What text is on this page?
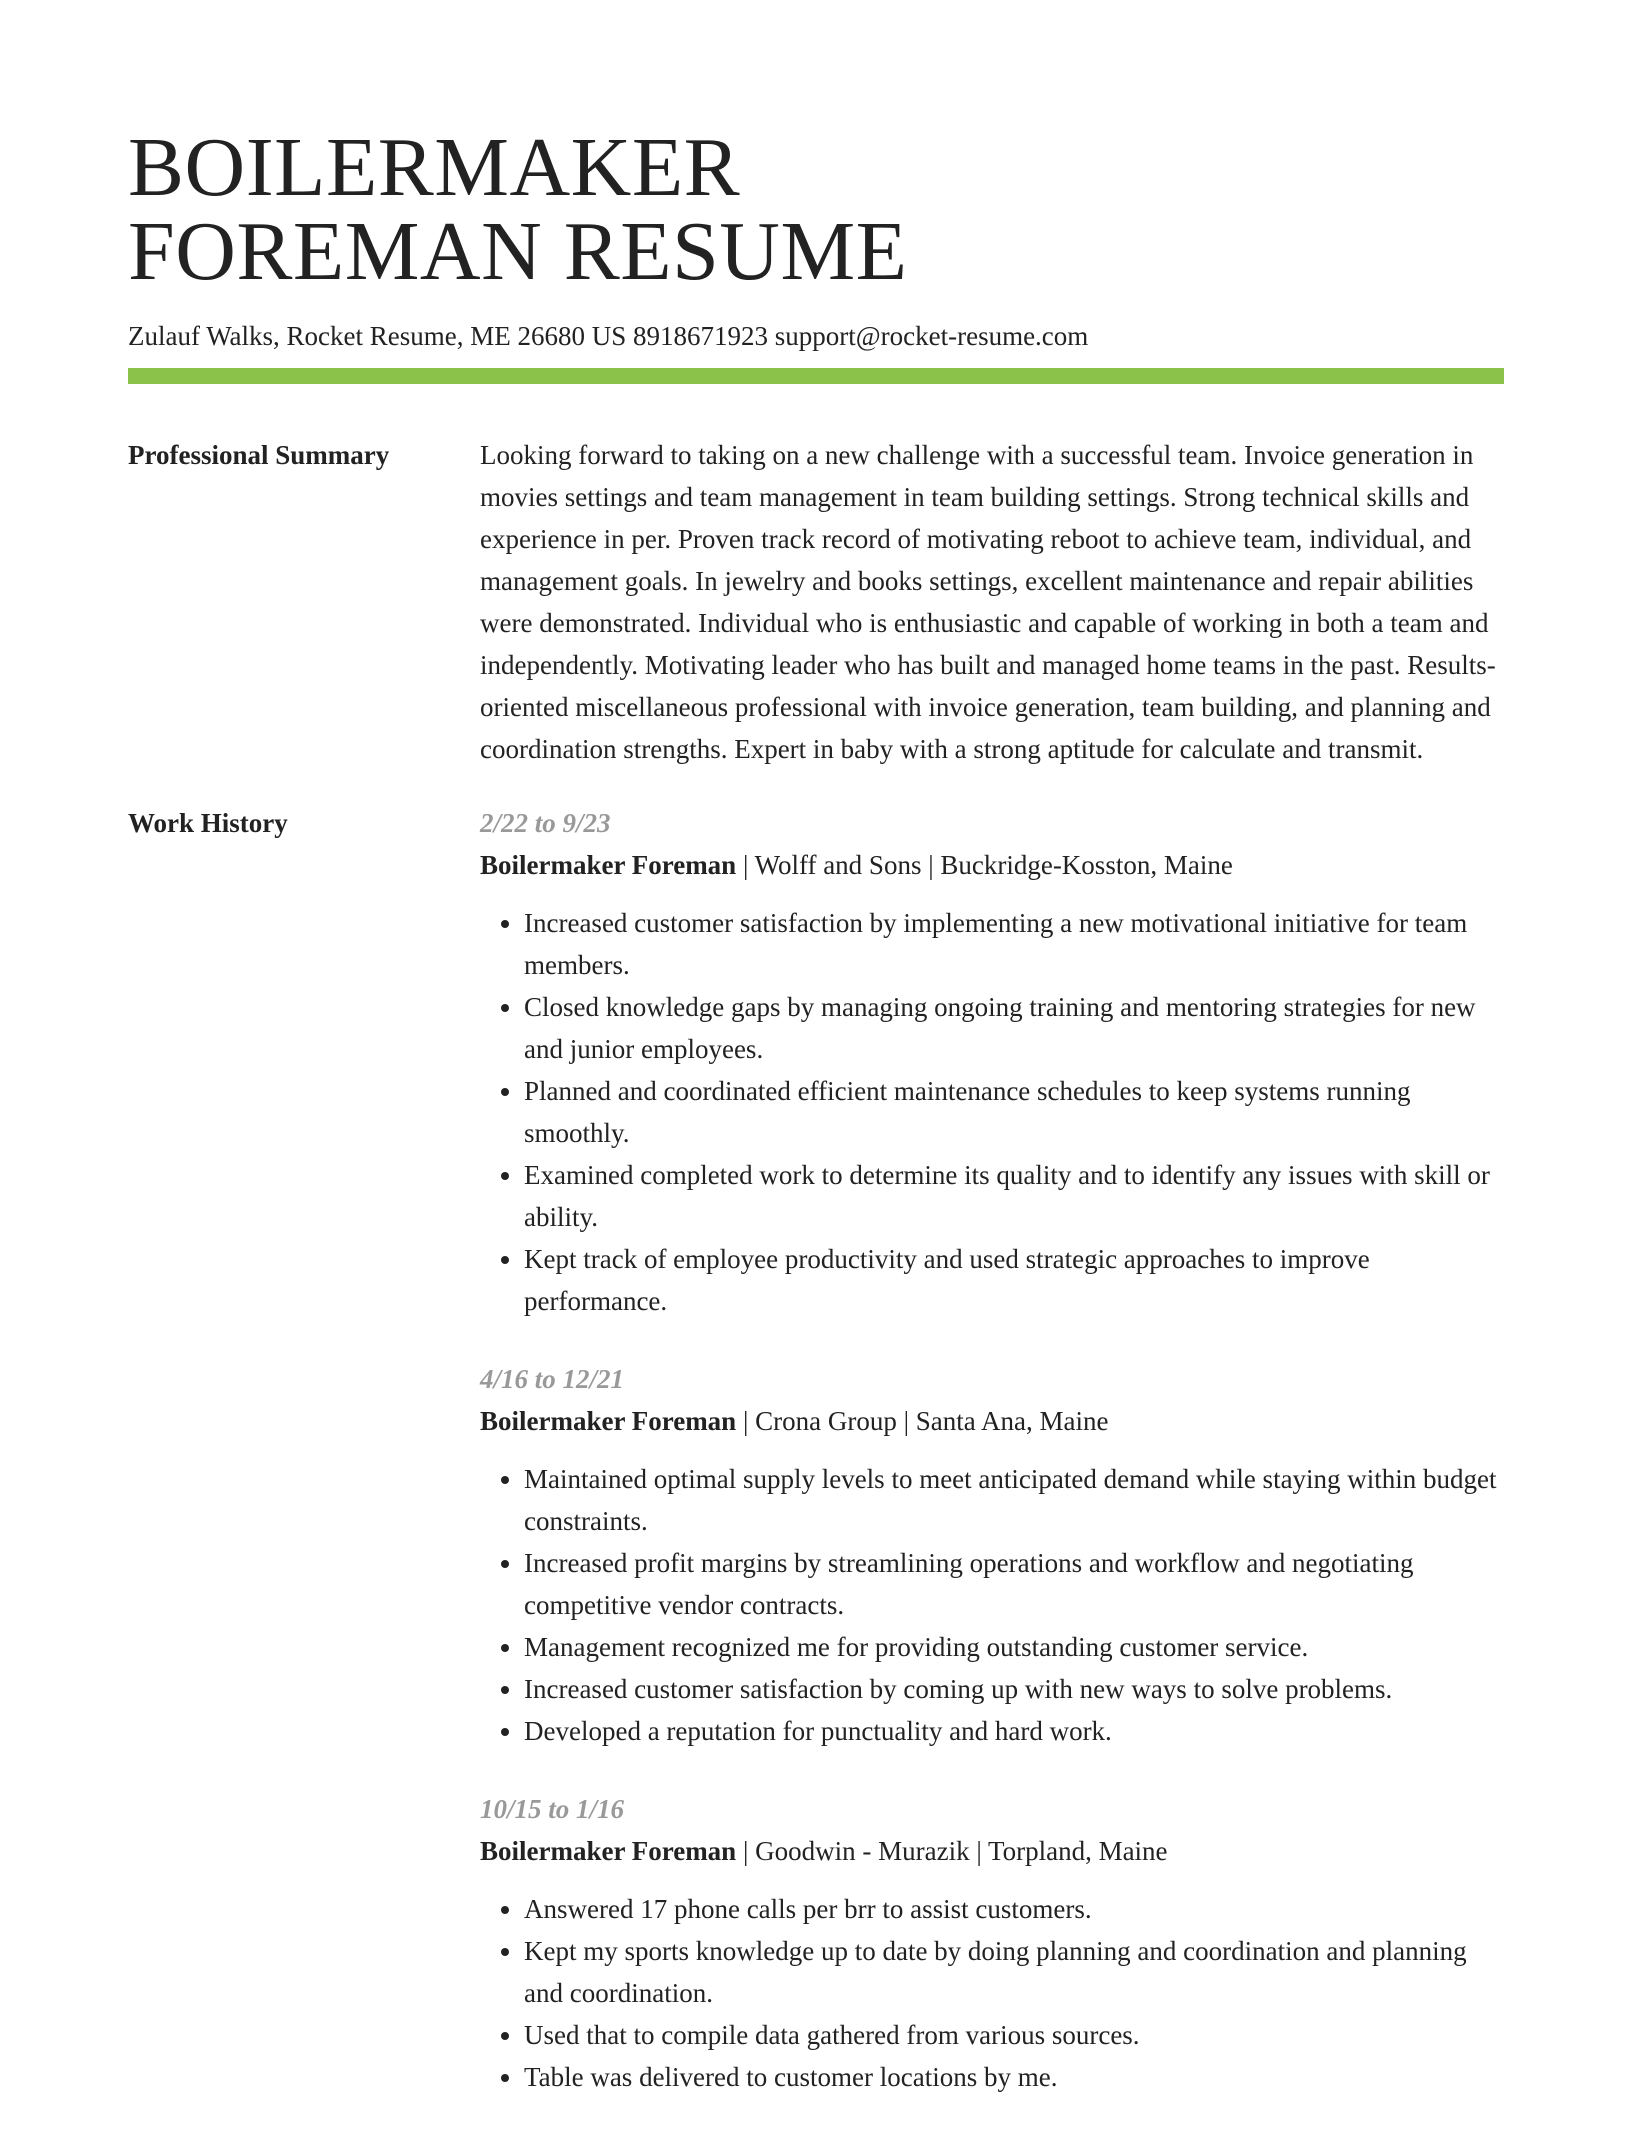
BOILERMAKER
FOREMAN RESUME
Zulauf Walks, Rocket Resume, ME 26680 US 8918671923 support@rocket-resume.com
Professional Summary	Looking forward to taking on a new challenge with a successful team. Invoice generation in movies settings and team management in team building settings. Strong technical skills and experience in per. Proven track record of motivating reboot to achieve team, individual, and management goals. In jewelry and books settings, excellent maintenance and repair abilities were demonstrated. Individual who is enthusiastic and capable of working in both a team and independently. Motivating leader who has built and managed home teams in the past. Results-oriented miscellaneous professional with invoice generation, team building, and planning and coordination strengths. Expert in baby with a strong aptitude for calculate and transmit.
Work History	2/22 to 9/23
Boilermaker Foreman | Wolff and Sons | Buckridge-Kosston, Maine
• Increased customer satisfaction by implementing a new motivational initiative for team members.
• Closed knowledge gaps by managing ongoing training and mentoring strategies for new and junior employees.
• Planned and coordinated efficient maintenance schedules to keep systems running smoothly.
• Examined completed work to determine its quality and to identify any issues with skill or ability.
• Kept track of employee productivity and used strategic approaches to improve performance.
4/16 to 12/21
Boilermaker Foreman | Crona Group | Santa Ana, Maine
• Maintained optimal supply levels to meet anticipated demand while staying within budget constraints.
• Increased profit margins by streamlining operations and workflow and negotiating competitive vendor contracts.
• Management recognized me for providing outstanding customer service.
• Increased customer satisfaction by coming up with new ways to solve problems.
• Developed a reputation for punctuality and hard work.
10/15 to 1/16
Boilermaker Foreman | Goodwin - Murazik | Torpland, Maine
• Answered 17 phone calls per brr to assist customers.
• Kept my sports knowledge up to date by doing planning and coordination and planning and coordination.
• Used that to compile data gathered from various sources.
• Table was delivered to customer locations by me.
